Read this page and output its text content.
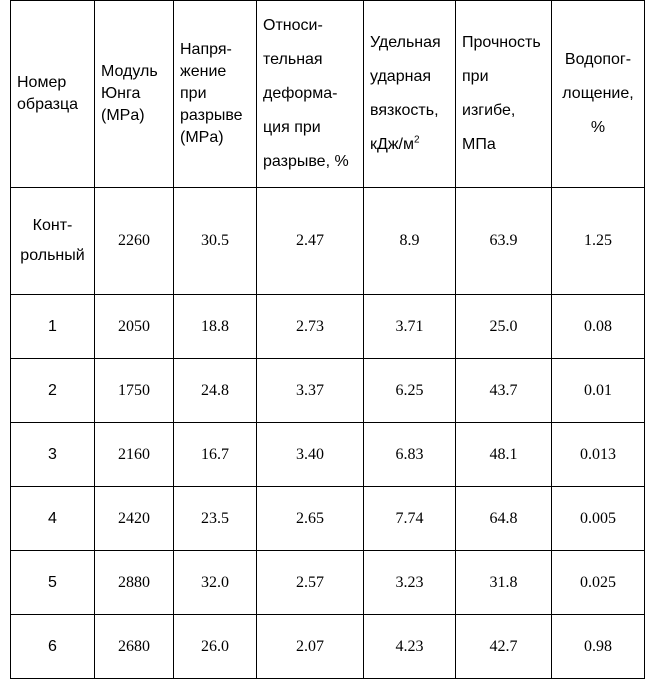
Номер
образца	Модуль
Юнга
(MPa)	Напря-
жение
при
разрыве
(MPa)	Относи-
тельная
деформа-
ция при
разрыве, %	Удельная
ударная
вязкость,
кДж/$м^2$	Прочность
при
изгибе,
МПа	Водопог-
лощение,
%

Конт-
рольный	2260	30.5	2.47	8.9	63.9	1.25
1	2050	18.8	2.73	3.71	25.0	0.08
2	1750	24.8	3.37	6.25	43.7	0.01
3	2160	16.7	3.40	6.83	48.1	0.013
4	2420	23.5	2.65	7.74	64.8	0.005
5	2880	32.0	2.57	3.23	31.8	0.025
6	2680	26.0	2.07	4.23	42.7	0.98
